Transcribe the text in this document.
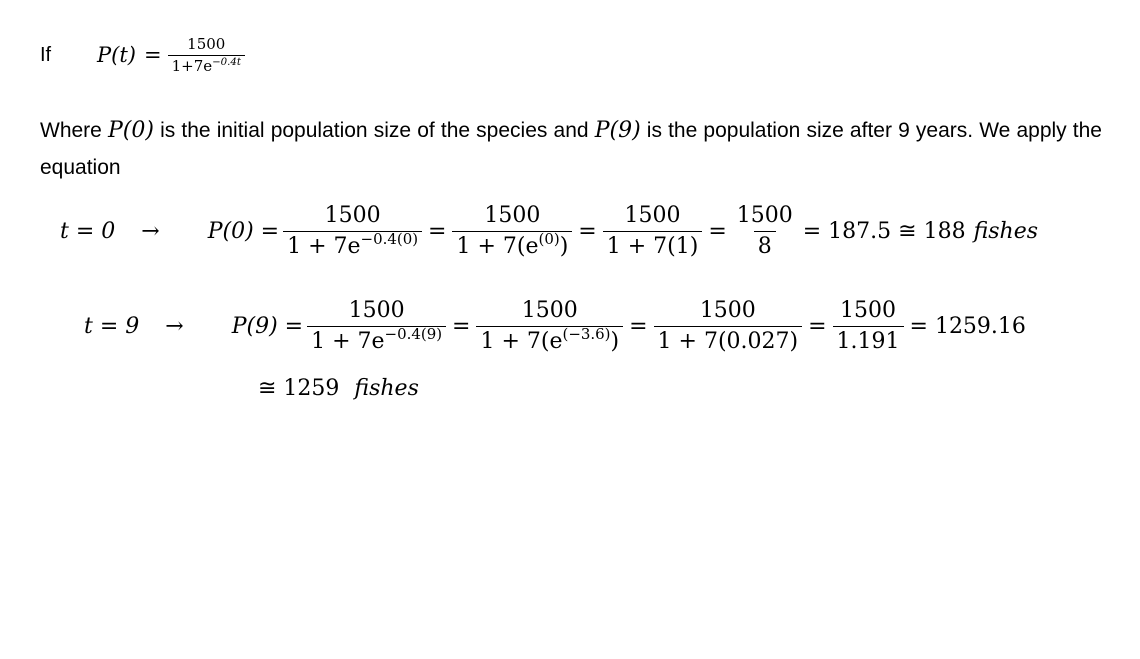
If	$P(t) = \frac{1500}{1+7e^{-0.4t}}$
Where P(0) is the initial population size of the species and P(9) is the population size after 9 years. We apply the equation
$t = 0 \to P(0) = \frac{1500}{1 + 7e^{-0.4(0)}} = \frac{1500}{1 + 7(e^{(0)})} = \frac{1500}{1 + 7(1)} = \frac{1500}{8} = 187.5$ ≅ 188 fishes
$t = 9 \to P(9) = \frac{1500}{1 + 7e^{-0.4(9)}} = \frac{1500}{1 + 7(e^{(-3.6)})} = \frac{1500}{1 + 7(0.027)} = \frac{1500}{1.191} = 1259.16$
≅ 1259 fishes
